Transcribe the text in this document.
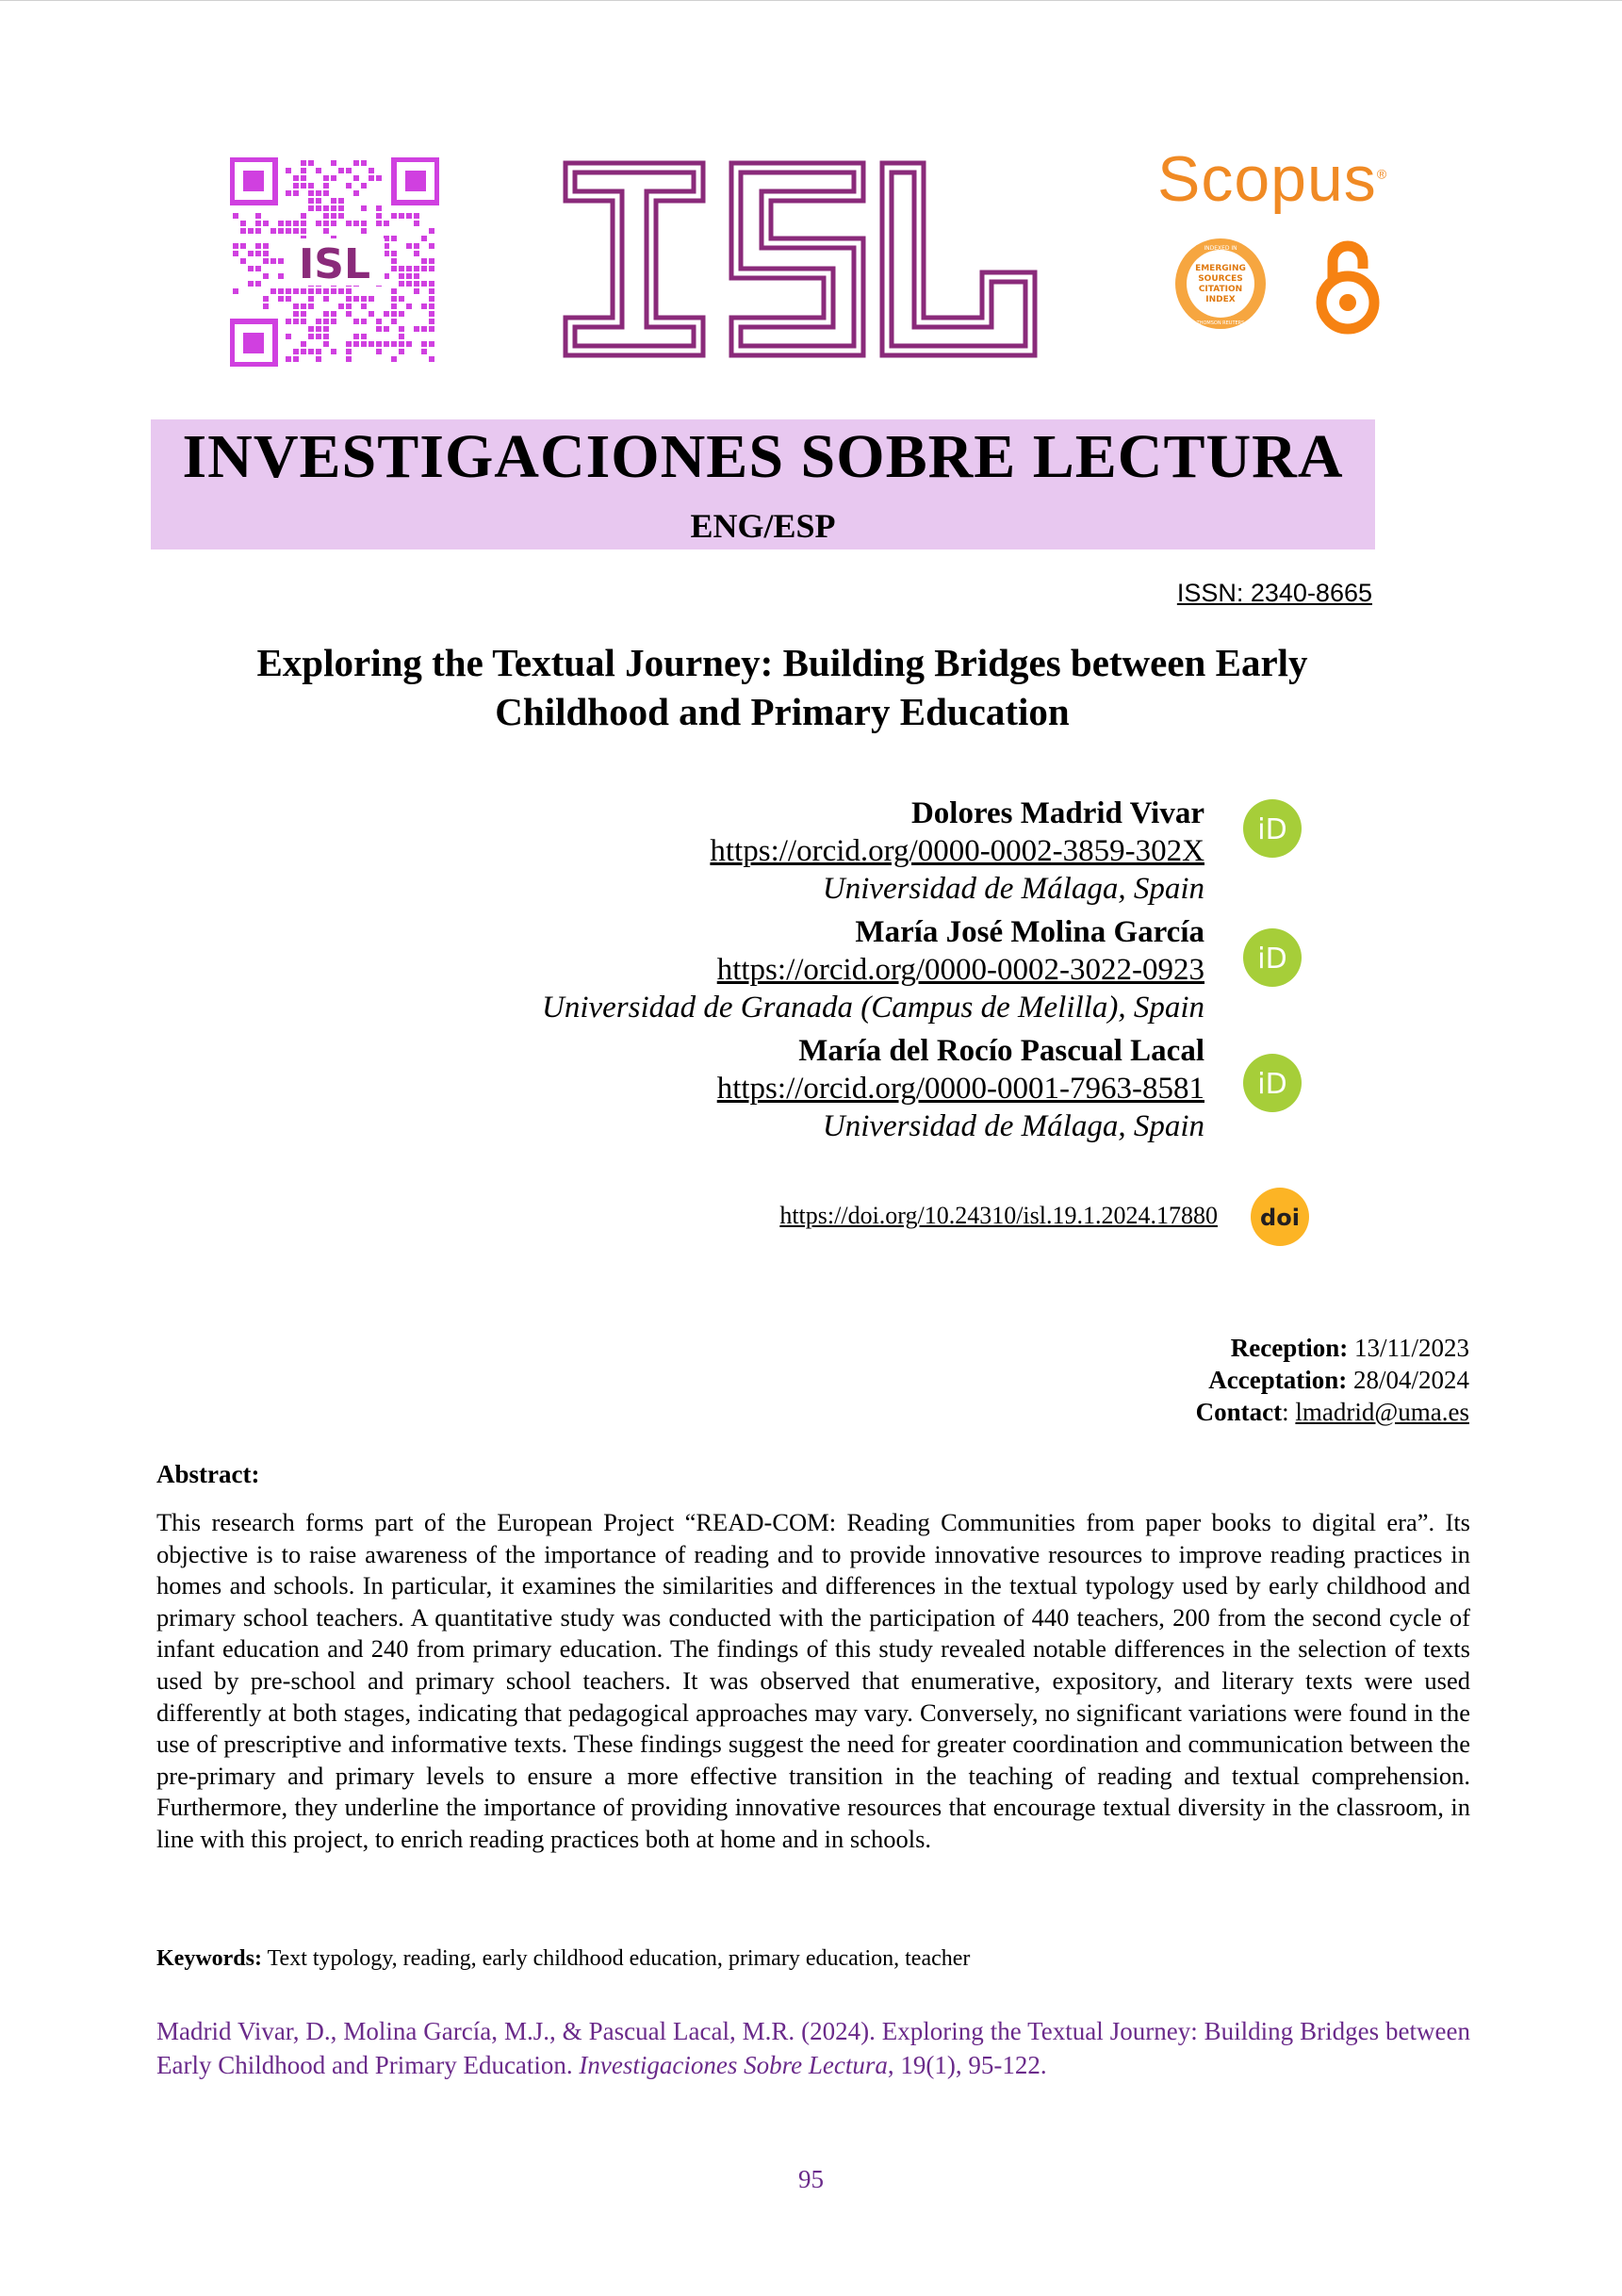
ISL
Scopus®
INDEXED IN
EMERGING
SOURCES
CITATION
INDEX
THOMSON REUTERS
INVESTIGACIONES SOBRE LECTURA
ENG/ESP
ISSN: 2340-8665
Exploring the Textual Journey: Building Bridges between Early
Childhood and Primary Education
Dolores Madrid Vivar
https://orcid.org/0000-0002-3859-302X
Universidad de Málaga, Spain
María José Molina García
https://orcid.org/0000-0002-3022-0923
Universidad de Granada (Campus de Melilla), Spain
María del Rocío Pascual Lacal
https://orcid.org/0000-0001-7963-8581
Universidad de Málaga, Spain
iD
iD
iD
https://doi.org/10.24310/isl.19.1.2024.17880 doi
Reception: 13/11/2023
Acceptation: 28/04/2024
Contact: lmadrid@uma.es
Abstract:
This research forms part of the European Project “READ-COM: Reading Communities from paper books to digital era”. Its objective is to raise awareness of the importance of reading and to provide innovative resources to improve reading practices in homes and schools. In particular, it examines the similarities and differences in the textual typology used by early childhood and primary school teachers. A quantitative study was conducted with the participation of 440 teachers, 200 from the second cycle of infant education and 240 from primary education. The findings of this study revealed notable differences in the selection of texts used by pre-school and primary school teachers. It was observed that enumerative, expository, and literary texts were used differently at both stages, indicating that pedagogical approaches may vary. Conversely, no significant variations were found in the use of prescriptive and informative texts. These findings suggest the need for greater coordination and communication between the pre-primary and primary levels to ensure a more effective transition in the teaching of reading and textual comprehension. Furthermore, they underline the importance of providing innovative resources that encourage textual diversity in the classroom, in line with this project, to enrich reading practices both at home and in schools.
Keywords: Text typology, reading, early childhood education, primary education, teacher
Madrid Vivar, D., Molina García, M.J., & Pascual Lacal, M.R. (2024). Exploring the Textual Journey: Building Bridges between Early Childhood and Primary Education. Investigaciones Sobre Lectura, 19(1), 95-122.
95
